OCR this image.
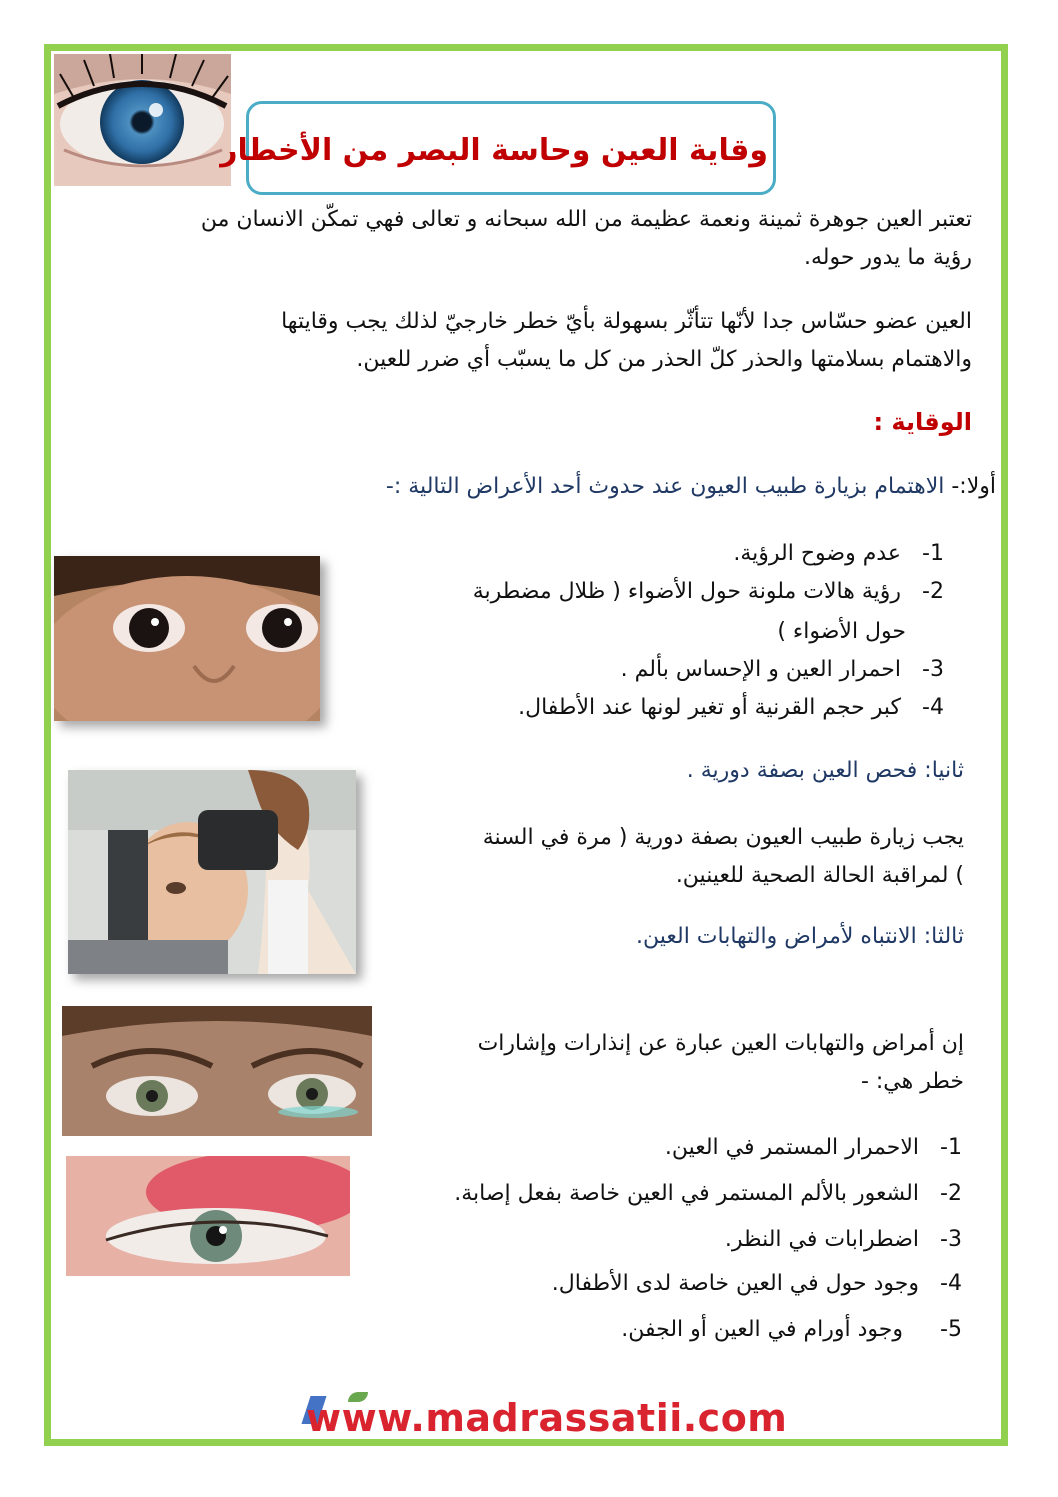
وقاية العين وحاسة البصر من الأخطار
تعتبر العين جوهرة ثمينة ونعمة عظيمة من الله سبحانه و تعالى فهي تمكّن الانسان من
رؤية ما يدور حوله.
العين عضو حسّاس جدا لأنّها تتأثّر بسهولة بأيّ خطر خارجيّ لذلك يجب وقايتها
والاهتمام بسلامتها والحذر كلّ الحذر من كل ما يسبّب أي ضرر للعين.
الوقاية :
أولا:- الاهتمام بزيارة طبيب العيون عند حدوث أحد الأعراض التالية :-
1- عدم وضوح الرؤية.
2- رؤية هالات ملونة حول الأضواء ( ظلال مضطربة
حول الأضواء )
3- احمرار العين و الإحساس بألم .
4- كبر حجم القرنية أو تغير لونها عند الأطفال.
ثانيا: فحص العين بصفة دورية .
يجب زيارة طبيب العيون بصفة دورية ( مرة في السنة
) لمراقبة الحالة الصحية للعينين.
ثالثا: الانتباه لأمراض والتهابات العين.
إن أمراض والتهابات العين عبارة عن إنذارات وإشارات
خطر هي: -
1- الاحمرار المستمر في العين.
2- الشعور بالألم المستمر في العين خاصة بفعل إصابة.
3- اضطرابات في النظر.
4- وجود حول في العين خاصة لدى الأطفال.
5- وجود أورام في العين أو الجفن.
www.madrassatii.com
